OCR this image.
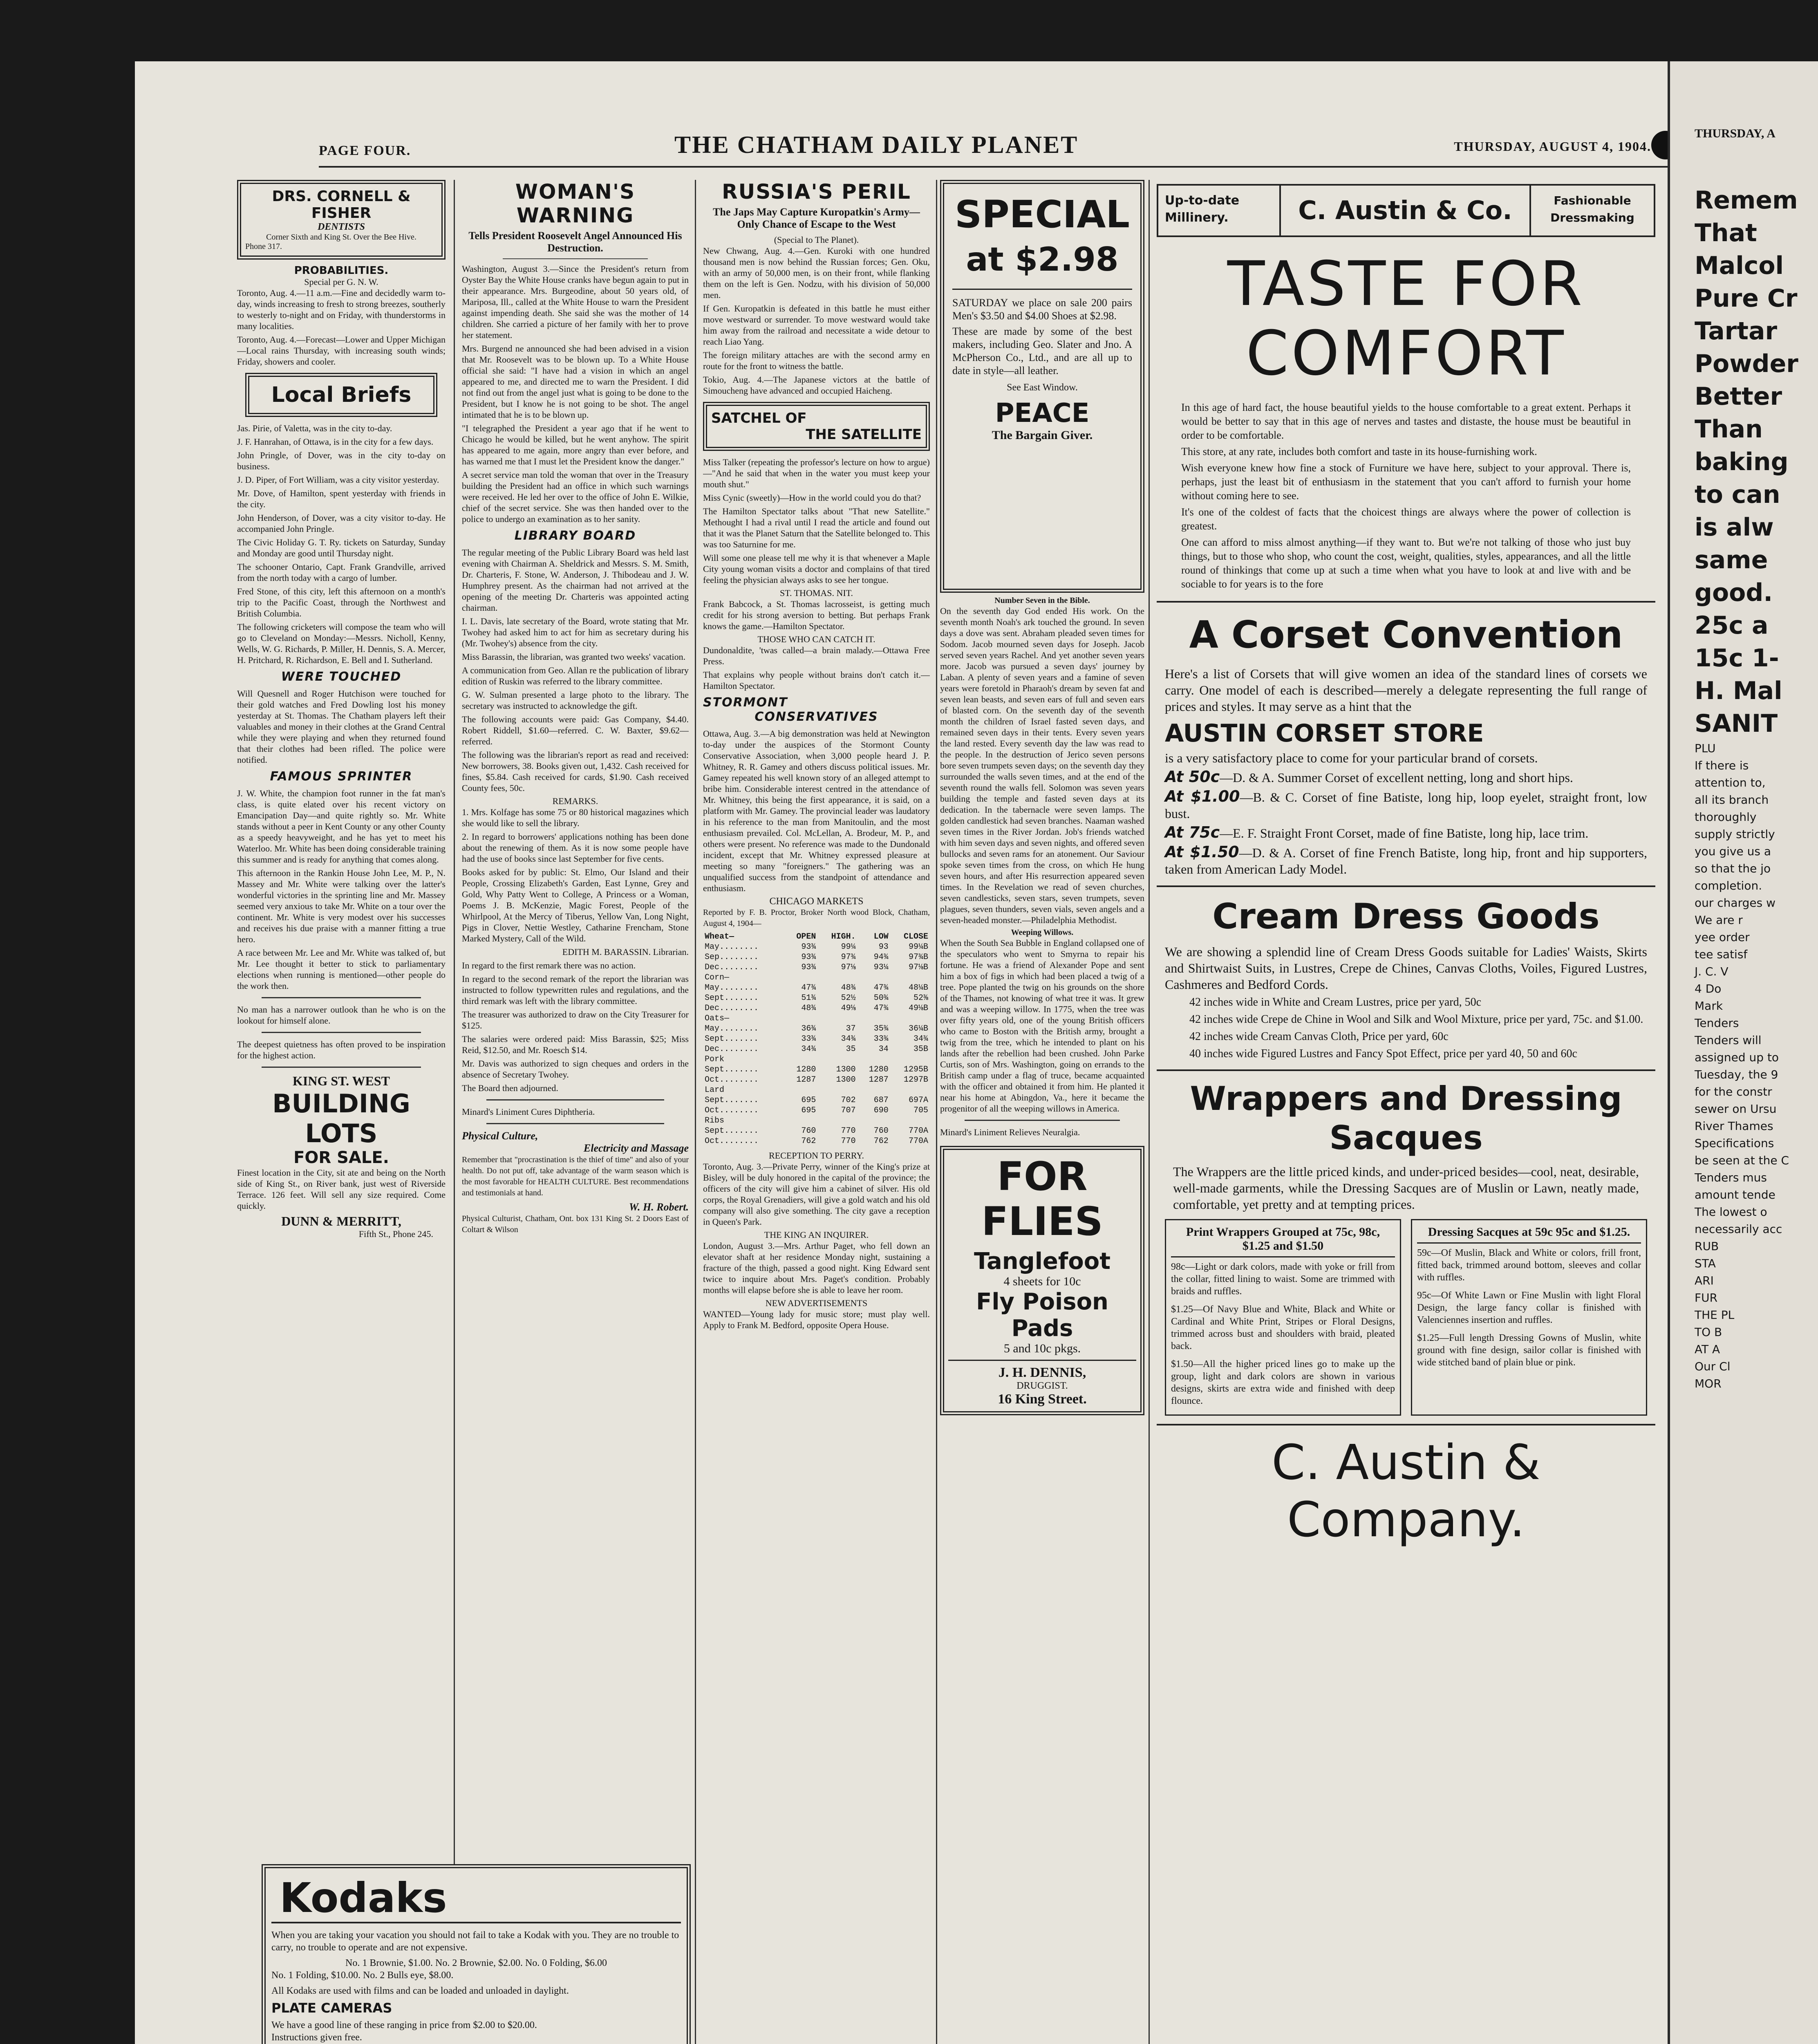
PAGE FOUR.	THE CHATHAM DAILY PLANET	THURSDAY, AUGUST 4, 1904.
DRS. CORNELL & FISHER
DENTISTS
Corner Sixth and King St. Over the Bee Hive.
Phone 317.
PROBABILITIES.
Special per G. N. W.

Toronto, Aug. 4.—11 a.m.—Fine and decidedly warm to-day, winds increasing to fresh to strong breezes, southerly to westerly to-night and on Friday, with thunderstorms in many localities.

Toronto, Aug. 4.—Forecast—Lower and Upper Michigan—Local rains Thursday, with increasing south winds; Friday, showers and cooler.

Local Briefs

Jas. Pirie, of Valetta, was in the city to-day.

J. F. Hanrahan, of Ottawa, is in the city for a few days.

John Pringle, of Dover, was in the city to-day on business.

J. D. Piper, of Fort William, was a city visitor yesterday.

Mr. Dove, of Hamilton, spent yesterday with friends in the city.

John Henderson, of Dover, was a city visitor to-day. He accompanied John Pringle.

The Civic Holiday G. T. Ry. tickets on Saturday, Sunday and Monday are good until Thursday night.

The schooner Ontario, Capt. Frank Grandville, arrived from the north today with a cargo of lumber.

Fred Stone, of this city, left this afternoon on a month's trip to the Pacific Coast, through the Northwest and British Columbia.

The following cricketers will compose the team who will go to Cleveland on Monday:—Messrs. Nicholl, Kenny, Wells, W. G. Richards, P. Miller, H. Dennis, S. A. Mercer, H. Pritchard, R. Richardson, E. Bell and I. Sutherland.

WERE TOUCHED

Will Quesnell and Roger Hutchison were touched for their gold watches and Fred Dowling lost his money yesterday at St. Thomas. The Chatham players left their valuables and money in their clothes at the Grand Central while they were playing and when they returned found that their clothes had been rifled. The police were notified.

FAMOUS SPRINTER

J. W. White, the champion foot runner in the fat man's class, is quite elated over his recent victory on Emancipation Day—and quite rightly so. Mr. White stands without a peer in Kent County or any other County as a speedy heavyweight, and he has yet to meet his Waterloo. Mr. White has been doing considerable training this summer and is ready for anything that comes along.

This afternoon in the Rankin House John Lee, M. P., N. Massey and Mr. White were talking over the latter's wonderful victories in the sprinting line and Mr. Massey seemed very anxious to take Mr. White on a tour over the continent. Mr. White is very modest over his successes and receives his due praise with a manner fitting a true hero.

A race between Mr. Lee and Mr. White was talked of, but Mr. Lee thought it better to stick to parliamentary elections when running is mentioned—other people do the work then.

No man has a narrower outlook than he who is on the lookout for himself alone.

The deepest quietness has often proved to be inspiration for the highest action.

KING ST. WEST
BUILDING LOTS
FOR SALE.

Finest location in the City, sit ate and being on the North side of King St., on River bank, just west of Riverside Terrace. 126 feet. Will sell any size required. Come quickly.

DUNN & MERRITT,
Fifth St., Phone 245.
Kodaks

When you are taking your vacation you should not fail to take a Kodak with you. They are no trouble to carry, no trouble to operate and are not expensive.

No. 1 Brownie, $1.00. No. 2 Brownie, $2.00. No. 0 Folding, $6.00

No. 1 Folding, $10.00. No. 2 Bulls eye, $8.00.

All Kodaks are used with films and can be loaded and unloaded in daylight.

PLATE CAMERAS

We have a good line of these ranging in price from $2.00 to $20.00.

Instructions given free.

WOMAN'S WARNING
Tells President Roosevelt Angel Announced His Destruction.

Washington, August 3.—Since the President's return from Oyster Bay the White House cranks have begun again to put in their appearance. Mrs. Burgeodine, about 50 years old, of Mariposa, Ill., called at the White House to warn the President against impending death. She said she was the mother of 14 children. She carried a picture of her family with her to prove her statement.

Mrs. Burgend ne announced she had been advised in a vision that Mr. Roosevelt was to be blown up. To a White House official she said: "I have had a vision in which an angel appeared to me, and directed me to warn the President. I did not find out from the angel just what is going to be done to the President, but I know he is not going to be shot. The angel intimated that he is to be blown up.

"I telegraphed the President a year ago that if he went to Chicago he would be killed, but he went anyhow. The spirit has appeared to me again, more angry than ever before, and has warned me that I must let the President know the danger."

A secret service man told the woman that over in the Treasury building the President had an office in which such warnings were received. He led her over to the office of John E. Wilkie, chief of the secret service. She was then handed over to the police to undergo an examination as to her sanity.

LIBRARY BOARD

The regular meeting of the Public Library Board was held last evening with Chairman A. Sheldrick and Messrs. S. M. Smith, Dr. Charteris, F. Stone, W. Anderson, J. Thibodeau and J. W. Humphrey present. As the chairman had not arrived at the opening of the meeting Dr. Charteris was appointed acting chairman.

I. L. Davis, late secretary of the Board, wrote stating that Mr. Twohey had asked him to act for him as secretary during his (Mr. Twohey's) absence from the city.

Miss Barassin, the librarian, was granted two weeks' vacation.

A communication from Geo. Allan re the publication of library edition of Ruskin was referred to the library committee.

G. W. Sulman presented a large photo to the library. The secretary was instructed to acknowledge the gift.

The following accounts were paid: Gas Company, $4.40. Robert Riddell, $1.60—referred. C. W. Baxter, $9.62—referred.

The following was the librarian's report as read and received: New borrowers, 38. Books given out, 1,432. Cash received for fines, $5.84. Cash received for cards, $1.90. Cash received County fees, 50c.

REMARKS.

1. Mrs. Kolfage has some 75 or 80 historical magazines which she would like to sell the library.

2. In regard to borrowers' applications nothing has been done about the renewing of them. As it is now some people have had the use of books since last September for five cents.

Books asked for by public: St. Elmo, Our Island and their People, Crossing Elizabeth's Garden, East Lynne, Grey and Gold, Why Patty Went to College, A Princess or a Woman, Poems J. B. McKenzie, Magic Forest, People of the Whirlpool, At the Mercy of Tiberus, Yellow Van, Long Night, Pigs in Clover, Nettie Westley, Catharine Frencham, Stone Marked Mystery, Call of the Wild.

EDITH M. BARASSIN. Librarian.

In regard to the first remark there was no action.

In regard to the second remark of the report the librarian was instructed to follow typewritten rules and regulations, and the third remark was left with the library committee.

The treasurer was authorized to draw on the City Treasurer for $125.

The salaries were ordered paid: Miss Barassin, $25; Miss Reid, $12.50, and Mr. Roesch $14.

Mr. Davis was authorized to sign cheques and orders in the absence of Secretary Twohey.

The Board then adjourned.

Minard's Liniment Cures Diphtheria.

Physical Culture,
Electricity and Massage

Remember that "procrastination is the thief of time" and also of your health. Do not put off, take advantage of the warm season which is the most favorable for HEALTH CULTURE. Best recommendations and testimonials at hand.

W. H. Robert.

Physical Culturist, Chatham, Ont. box 131 King St. 2 Doors East of Coltart & Wilson

RUSSIA'S PERIL
The Japs May Capture Kuropatkin's Army—Only Chance of Escape to the West
(Special to The Planet).

New Chwang, Aug. 4.—Gen. Kuroki with one hundred thousand men is now behind the Russian forces; Gen. Oku, with an army of 50,000 men, is on their front, while flanking them on the left is Gen. Nodzu, with his division of 50,000 men.

If Gen. Kuropatkin is defeated in this battle he must either move westward or surrender. To move westward would take him away from the railroad and necessitate a wide detour to reach Liao Yang.

The foreign military attaches are with the second army en route for the front to witness the battle.

Tokio, Aug. 4.—The Japanese victors at the battle of Simoucheng have advanced and occupied Haicheng.

SATCHEL OF
THE SATELLITE

Miss Talker (repeating the professor's lecture on how to argue)—"And he said that when in the water you must keep your mouth shut."

Miss Cynic (sweetly)—How in the world could you do that?

The Hamilton Spectator talks about "That new Satellite." Methought I had a rival until I read the article and found out that it was the Planet Saturn that the Satellite belonged to. This was too Saturnine for me.

Will some one please tell me why it is that whenever a Maple City young woman visits a doctor and complains of that tired feeling the physician always asks to see her tongue.

ST. THOMAS. NIT.

Frank Babcock, a St. Thomas lacrosseist, is getting much credit for his strong aversion to betting. But perhaps Frank knows the game.—Hamilton Spectator.

THOSE WHO CAN CATCH IT.

Dundonaldite, 'twas called—a brain malady.—Ottawa Free Press.

That explains why people without brains don't catch it.—Hamilton Spectator.

STORMONT
CONSERVATIVES

Ottawa, Aug. 3.—A big demonstration was held at Newington to-day under the auspices of the Stormont County Conservative Association, when 3,000 people heard J. P. Whitney, R. R. Gamey and others discuss political issues. Mr. Gamey repeated his well known story of an alleged attempt to bribe him. Considerable interest centred in the attendance of Mr. Whitney, this being the first appearance, it is said, on a platform with Mr. Gamey. The provincial leader was laudatory in his reference to the man from Manitoulin, and the most enthusiasm prevailed. Col. McLellan, A. Brodeur, M. P., and others were present. No reference was made to the Dundonald incident, except that Mr. Whitney expressed pleasure at meeting so many "foreigners." The gathering was an unqualified success from the standpoint of attendance and enthusiasm.

CHICAGO MARKETS

Reported by F. B. Proctor, Broker North wood Block, Chatham, August 4, 1904—

Wheat—	OPEN	HIGH.	LOW	CLOSE
May........	93¾	99¼	93	99¼B
Sep........	93¾	97¾	94¾	97¾B
Dec........	93¾	97⅛	93¼	97⅛B
Corn—				
May........	47¾	48¾	47¾	48¼B
Sept.......	51¾	52½	50¾	52⅜
Dec........	48¾	49⅛	47¾	49⅛B
Oats—				
May........	36¾	37	35¾	36¼B
Sept.......	33¾	34¾	33¾	34¾
Dec........	34¾	35	34	35B
Pork				
Sept.......	1280	1300	1280	1295B
Oct........	1287	1300	1287	1297B
Lard				
Sept.......	695	702	687	697A
Oct........	695	707	690	705
Ribs				
Sept.......	760	770	760	770A
Oct........	762	770	762	770A
RECEPTION TO PERRY.

Toronto, Aug. 3.—Private Perry, winner of the King's prize at Bisley, will be duly honored in the capital of the province; the officers of the city will give him a cabinet of silver. His old corps, the Royal Grenadiers, will give a gold watch and his old company will also give something. The city gave a reception in Queen's Park.

THE KING AN INQUIRER.

London, August 3.—Mrs. Arthur Paget, who fell down an elevator shaft at her residence Monday night, sustaining a fracture of the thigh, passed a good night. King Edward sent twice to inquire about Mrs. Paget's condition. Probably months will elapse before she is able to leave her room.

NEW ADVERTISEMENTS

WANTED—Young lady for music store; must play well. Apply to Frank M. Bedford, opposite Opera House.

SPECIAL
at $2.98

SATURDAY we place on sale 200 pairs Men's $3.50 and $4.00 Shoes at $2.98.

These are made by some of the best makers, including Geo. Slater and Jno. A McPherson Co., Ltd., and are all up to date in style—all leather.

See East Window.
PEACE
The Bargain Giver.
Number Seven in the Bible.

On the seventh day God ended His work. On the seventh month Noah's ark touched the ground. In seven days a dove was sent. Abraham pleaded seven times for Sodom. Jacob mourned seven days for Joseph. Jacob served seven years Rachel. And yet another seven years more. Jacob was pursued a seven days' journey by Laban. A plenty of seven years and a famine of seven years were foretold in Pharaoh's dream by seven fat and seven lean beasts, and seven ears of full and seven ears of blasted corn. On the seventh day of the seventh month the children of Israel fasted seven days, and remained seven days in their tents. Every seven years the land rested. Every seventh day the law was read to the people. In the destruction of Jerico seven persons bore seven trumpets seven days; on the seventh day they surrounded the walls seven times, and at the end of the seventh round the walls fell. Solomon was seven years building the temple and fasted seven days at its dedication. In the tabernacle were seven lamps. The golden candlestick had seven branches. Naaman washed seven times in the River Jordan. Job's friends watched with him seven days and seven nights, and offered seven bullocks and seven rams for an atonement. Our Saviour spoke seven times from the cross, on which He hung seven hours, and after His resurrection appeared seven times. In the Revelation we read of seven churches, seven candlesticks, seven stars, seven trumpets, seven plagues, seven thunders, seven vials, seven angels and a seven-headed monster.—Philadelphia Methodist.

Weeping Willows.

When the South Sea Bubble in England collapsed one of the speculators who went to Smyrna to repair his fortune. He was a friend of Alexander Pope and sent him a box of figs in which had been placed a twig of a tree. Pope planted the twig on his grounds on the shore of the Thames, not knowing of what tree it was. It grew and was a weeping willow. In 1775, when the tree was over fifty years old, one of the young British officers who came to Boston with the British army, brought a twig from the tree, which he intended to plant on his lands after the rebellion had been crushed. John Parke Curtis, son of Mrs. Washington, going on errands to the British camp under a flag of truce, became acquainted with the officer and obtained it from him. He planted it near his home at Abingdon, Va., here it became the progenitor of all the weeping willows in America.

Minard's Liniment Relieves Neuralgia.

FOR
FLIES
Tanglefoot
4 sheets for 10c
Fly Poison
Pads
5 and 10c pkgs.
J. H. DENNIS,
DRUGGIST.
16 King Street.
Up-to-date
Millinery.	C. Austin & Co.	Fashionable
Dressmaking
TASTE FOR
COMFORT

In this age of hard fact, the house beautiful yields to the house comfortable to a great extent. Perhaps it would be better to say that in this age of nerves and tastes and distaste, the house must be beautiful in order to be comfortable.

This store, at any rate, includes both comfort and taste in its house-furnishing work.

Wish everyone knew how fine a stock of Furniture we have here, subject to your approval. There is, perhaps, just the least bit of enthusiasm in the statement that you can't afford to furnish your home without coming here to see.

It's one of the coldest of facts that the choicest things are always where the power of collection is greatest.

One can afford to miss almost anything—if they want to. But we're not talking of those who just buy things, but to those who shop, who count the cost, weight, qualities, styles, appearances, and all the little round of thinkings that come up at such a time when what you have to look at and live with and be sociable to for years is to the fore

A Corset Convention

Here's a list of Corsets that will give women an idea of the standard lines of corsets we carry. One model of each is described—merely a delegate representing the full range of prices and styles. It may serve as a hint that the

AUSTIN CORSET STORE

is a very satisfactory place to come for your particular brand of corsets.

At 50c—D. & A. Summer Corset of excellent netting, long and short hips.

At $1.00—B. & C. Corset of fine Batiste, long hip, loop eyelet, straight front, low bust.

At 75c—E. F. Straight Front Corset, made of fine Batiste, long hip, lace trim.

At $1.50—D. & A. Corset of fine French Batiste, long hip, front and hip supporters, taken from American Lady Model.

Cream Dress Goods

We are showing a splendid line of Cream Dress Goods suitable for Ladies' Waists, Skirts and Shirtwaist Suits, in Lustres, Crepe de Chines, Canvas Cloths, Voiles, Figured Lustres, Cashmeres and Bedford Cords.

42 inches wide in White and Cream Lustres, price per yard, 50c

42 inches wide Crepe de Chine in Wool and Silk and Wool Mixture, price per yard, 75c. and $1.00.

42 inches wide Cream Canvas Cloth, Price per yard, 60c

40 inches wide Figured Lustres and Fancy Spot Effect, price per yard 40, 50 and 60c

Wrappers and Dressing
Sacques

The Wrappers are the little priced kinds, and under-priced besides—cool, neat, desirable, well-made garments, while the Dressing Sacques are of Muslin or Lawn, neatly made, comfortable, yet pretty and at tempting prices.

Print Wrappers Grouped at 75c, 98c, $1.25 and $1.50

98c—Light or dark colors, made with yoke or frill from the collar, fitted lining to waist. Some are trimmed with braids and ruffles.

$1.25—Of Navy Blue and White, Black and White or Cardinal and White Print, Stripes or Floral Designs, trimmed across bust and shoulders with braid, pleated back.

$1.50—All the higher priced lines go to make up the group, light and dark colors are shown in various designs, skirts are extra wide and finished with deep flounce.

Dressing Sacques at 59c 95c and $1.25.

59c—Of Muslin, Black and White or colors, frill front, fitted back, trimmed around bottom, sleeves and collar with ruffles.

95c—Of White Lawn or Fine Muslin with light Floral Design, the large fancy collar is finished with Valenciennes insertion and ruffles.

$1.25—Full length Dressing Gowns of Muslin, white ground with fine design, sailor collar is finished with wide stitched band of plain blue or pink.

C. Austin & Company.
THURSDAY, A

Remem

That

Malcol

Pure Cr

Tartar

Powder

Better

Than

baking

to can

is alw

same

good.

25c a

15c 1-

H. Mal

SANIT

PLU

If there is

attention to,

all its branch

thoroughly

supply strictly

you give us a

so that the jo

completion.

our charges w

We are r

yee order

tee satisf

J. C. V

4 Do

Mark

Tenders

Tenders will

assigned up to

Tuesday, the 9

for the constr

sewer on Ursu

River Thames

Specifications

be seen at the C

Tenders mus

amount tende

The lowest o

necessarily acc

RUB

STA

ARI

FUR

THE PL

TO B

AT A

Our Cl

MOR
